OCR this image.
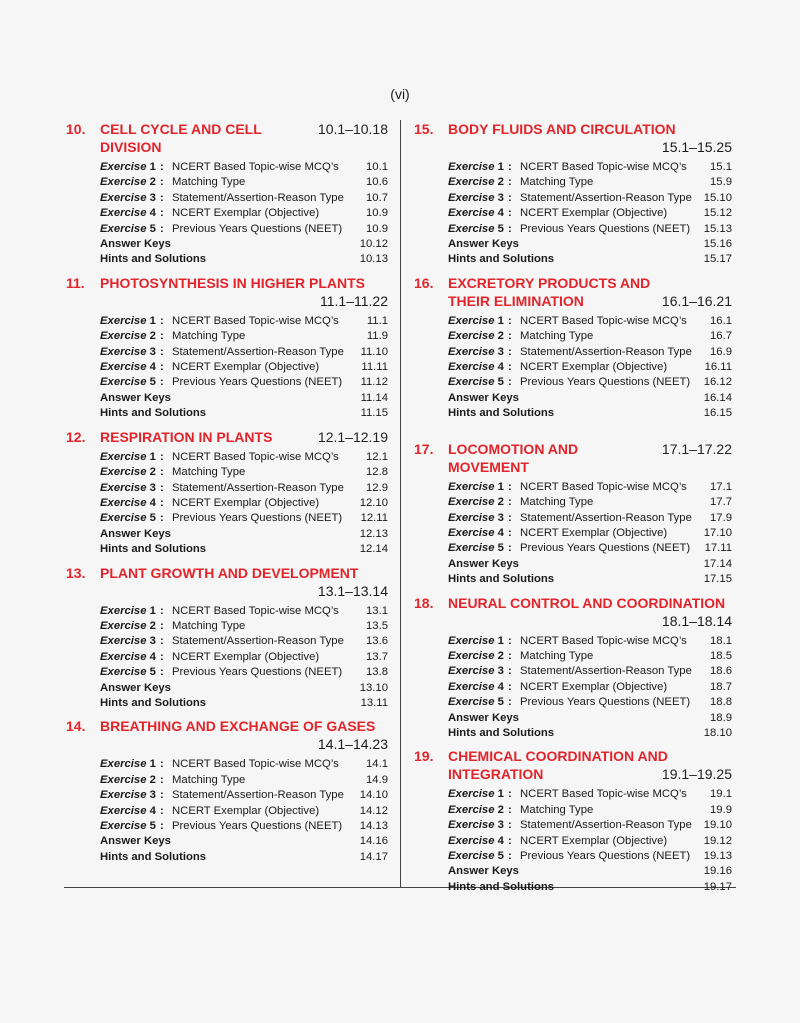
(vi)
10.	CELL CYCLE AND CELL DIVISION
10.1–10.18
Exercise 1 : NCERT Based Topic-wise MCQ’s	10.1
Exercise 2 : Matching Type	10.6
Exercise 3 : Statement/Assertion-Reason Type	10.7
Exercise 4 : NCERT Exemplar (Objective)	10.9
Exercise 5 : Previous Years Questions (NEET)	10.9
Answer Keys	10.12
Hints and Solutions	10.13
11.	PHOTOSYNTHESIS IN HIGHER PLANTS
11.1–11.22
Exercise 1 : NCERT Based Topic-wise MCQ’s	11.1
Exercise 2 : Matching Type	11.9
Exercise 3 : Statement/Assertion-Reason Type	11.10
Exercise 4 : NCERT Exemplar (Objective)	11.11
Exercise 5 : Previous Years Questions (NEET)	11.12
Answer Keys	11.14
Hints and Solutions	11.15
12.	RESPIRATION IN PLANTS	12.1–12.19
Exercise 1 : NCERT Based Topic-wise MCQ’s	12.1
Exercise 2 : Matching Type	12.8
Exercise 3 : Statement/Assertion-Reason Type	12.9
Exercise 4 : NCERT Exemplar (Objective)	12.10
Exercise 5 : Previous Years Questions (NEET)	12.11
Answer Keys	12.13
Hints and Solutions	12.14
13.	PLANT GROWTH AND DEVELOPMENT
13.1–13.14
Exercise 1 : NCERT Based Topic-wise MCQ’s	13.1
Exercise 2 : Matching Type	13.5
Exercise 3 : Statement/Assertion-Reason Type	13.6
Exercise 4 : NCERT Exemplar (Objective)	13.7
Exercise 5 : Previous Years Questions (NEET)	13.8
Answer Keys	13.10
Hints and Solutions	13.11
14.	BREATHING AND EXCHANGE OF GASES
14.1–14.23
Exercise 1 : NCERT Based Topic-wise MCQ’s	14.1
Exercise 2 : Matching Type	14.9
Exercise 3 : Statement/Assertion-Reason Type	14.10
Exercise 4 : NCERT Exemplar (Objective)	14.12
Exercise 5 : Previous Years Questions (NEET)	14.13
Answer Keys	14.16
Hints and Solutions	14.17
15.	BODY FLUIDS AND CIRCULATION
15.1–15.25
Exercise 1 : NCERT Based Topic-wise MCQ’s	15.1
Exercise 2 : Matching Type	15.9
Exercise 3 : Statement/Assertion-Reason Type	15.10
Exercise 4 : NCERT Exemplar (Objective)	15.12
Exercise 5 : Previous Years Questions (NEET)	15.13
Answer Keys	15.16
Hints and Solutions	15.17
16.	EXCRETORY PRODUCTS AND
THEIR ELIMINATION	16.1–16.21
Exercise 1 : NCERT Based Topic-wise MCQ’s	16.1
Exercise 2 : Matching Type	16.7
Exercise 3 : Statement/Assertion-Reason Type	16.9
Exercise 4 : NCERT Exemplar (Objective)	16.11
Exercise 5 : Previous Years Questions (NEET)	16.12
Answer Keys	16.14
Hints and Solutions	16.15
17.	LOCOMOTION AND MOVEMENT
17.1–17.22
Exercise 1 : NCERT Based Topic-wise MCQ’s	17.1
Exercise 2 : Matching Type	17.7
Exercise 3 : Statement/Assertion-Reason Type	17.9
Exercise 4 : NCERT Exemplar (Objective)	17.10
Exercise 5 : Previous Years Questions (NEET)	17.11
Answer Keys	17.14
Hints and Solutions	17.15
18.	NEURAL CONTROL AND COORDINATION
18.1–18.14
Exercise 1 : NCERT Based Topic-wise MCQ’s	18.1
Exercise 2 : Matching Type	18.5
Exercise 3 : Statement/Assertion-Reason Type	18.6
Exercise 4 : NCERT Exemplar (Objective)	18.7
Exercise 5 : Previous Years Questions (NEET)	18.8
Answer Keys	18.9
Hints and Solutions	18.10
19.	CHEMICAL COORDINATION AND
INTEGRATION	19.1–19.25
Exercise 1 : NCERT Based Topic-wise MCQ’s	19.1
Exercise 2 : Matching Type	19.9
Exercise 3 : Statement/Assertion-Reason Type	19.10
Exercise 4 : NCERT Exemplar (Objective)	19.12
Exercise 5 : Previous Years Questions (NEET)	19.13
Answer Keys	19.16
Hints and Solutions	19.17
